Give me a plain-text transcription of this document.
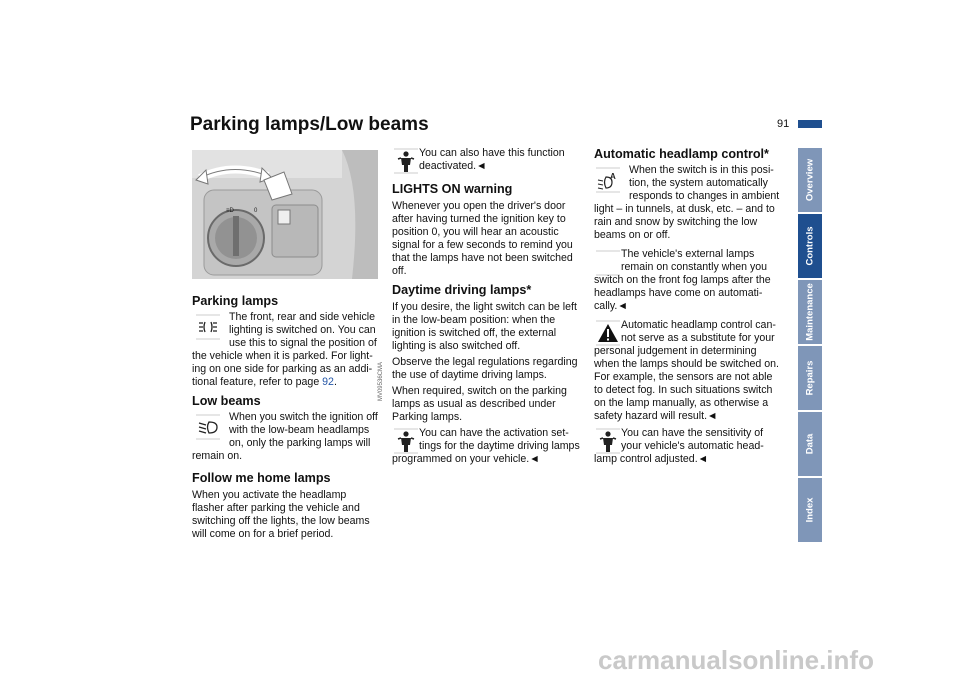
Parking lamps/Low beams	91
Overview
Controls
Maintenance
Repairs
Data
Index
≡D	0
MV09536CMA
Parking lamps
The front, rear and side vehicle
lighting is switched on. You can
use this to signal the position of
the vehicle when it is parked. For light-
ing on one side for parking as an addi-
tional feature, refer to page 92.
Low beams
When you switch the ignition off
with the low-beam headlamps
on, only the parking lamps will
remain on.
Follow me home lamps
When you activate the headlamp
flasher after parking the vehicle and
switching off the lights, the low beams
will come on for a brief period.
You can also have this function
deactivated.◄
LIGHTS ON warning
Whenever you open the driver's door
after having turned the ignition key to
position 0, you will hear an acoustic
signal for a few seconds to remind you
that the lamps have not been switched
off.
Daytime driving lamps*
If you desire, the light switch can be left
in the low-beam position: when the
ignition is switched off, the external
lighting is also switched off.
Observe the legal regulations regarding
the use of daytime driving lamps.
When required, switch on the parking
lamps as usual as described under
Parking lamps.
You can have the activation set-
tings for the daytime driving lamps
programmed on your vehicle.◄
Automatic headlamp control*
A
When the switch is in this posi-
tion, the system automatically
responds to changes in ambient
light – in tunnels, at dusk, etc. – and to
rain and snow by switching the low
beams on or off.
The vehicle's external lamps
remain on constantly when you
switch on the front fog lamps after the
headlamps have come on automati-
cally.◄
Automatic headlamp control can-
not serve as a substitute for your
personal judgement in determining
when the lamps should be switched on.
For example, the sensors are not able
to detect fog. In such situations switch
on the lamp manually, as otherwise a
safety hazard will result.◄
You can have the sensitivity of
your vehicle's automatic head-
lamp control adjusted.◄
carmanualsonline.info
